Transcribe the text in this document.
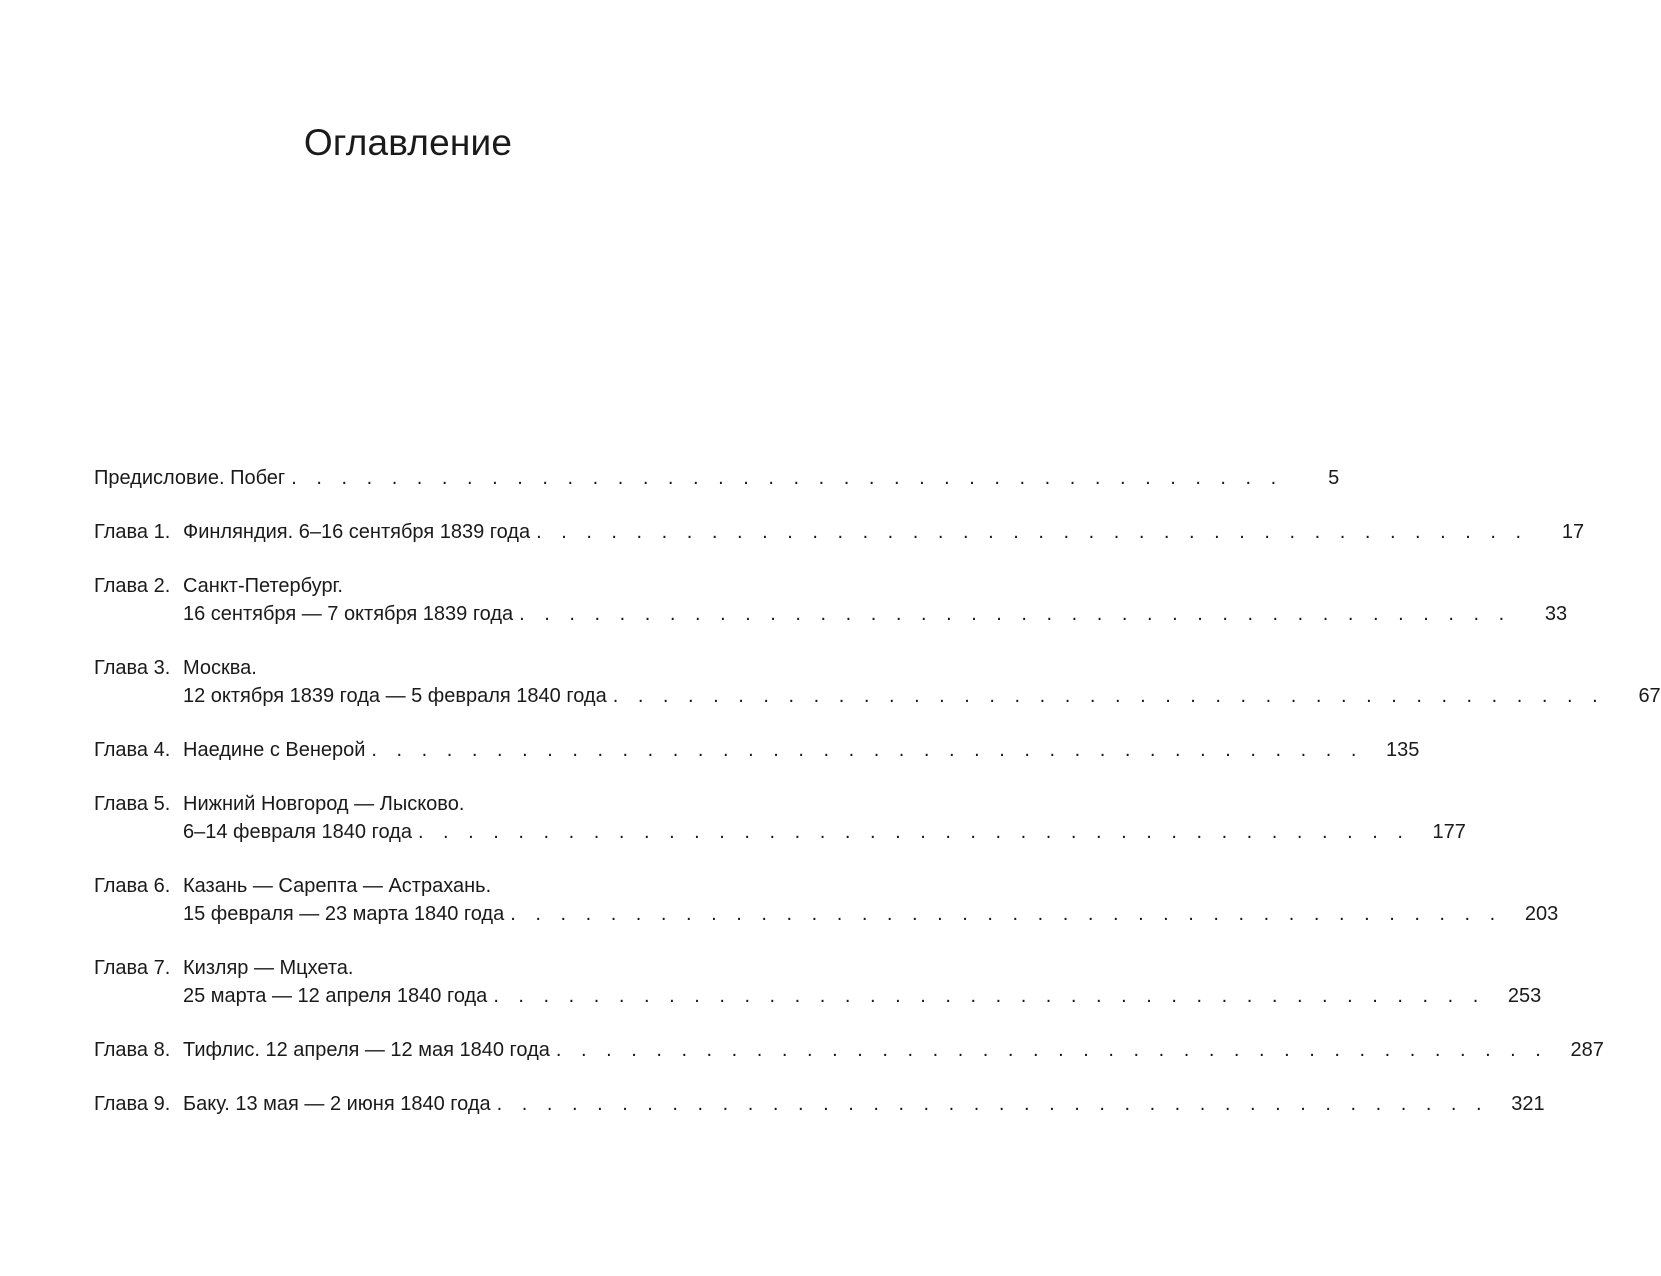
Оглавление
Предисловие. Побег . . . . . . . . . . . . . . . . . . . . . . . . . . . . . . . . . . . . . . . .	5
Глава 1. Финляндия. 6–16 сентября 1839 года . . . . . . . . . . . . . . . . . . . . . . . . . . . . . . . . . . . . . . . .	17
Глава 2. Санкт-Петербург.
16 сентября — 7 октября 1839 года . . . . . . . . . . . . . . . . . . . . . . . . . . . . . . . . . . . . . . . .	33
Глава 3. Москва.
12 октября 1839 года — 5 февраля 1840 года . . . . . . . . . . . . . . . . . . . . . . . . . . . . . . . . . . . . . . . .	67
Глава 4. Наедине с Венерой . . . . . . . . . . . . . . . . . . . . . . . . . . . . . . . . . . . . . . . .	135
Глава 5. Нижний Новгород — Лысково.
6–14 февраля 1840 года . . . . . . . . . . . . . . . . . . . . . . . . . . . . . . . . . . . . . . . .	177
Глава 6. Казань — Сарепта — Астрахань.
15 февраля — 23 марта 1840 года . . . . . . . . . . . . . . . . . . . . . . . . . . . . . . . . . . . . . . . .	203
Глава 7. Кизляр — Мцхета.
25 марта — 12 апреля 1840 года . . . . . . . . . . . . . . . . . . . . . . . . . . . . . . . . . . . . . . . .	253
Глава 8. Тифлис. 12 апреля — 12 мая 1840 года . . . . . . . . . . . . . . . . . . . . . . . . . . . . . . . . . . . . . . . .	287
Глава 9. Баку. 13 мая — 2 июня 1840 года . . . . . . . . . . . . . . . . . . . . . . . . . . . . . . . . . . . . . . . .	321
